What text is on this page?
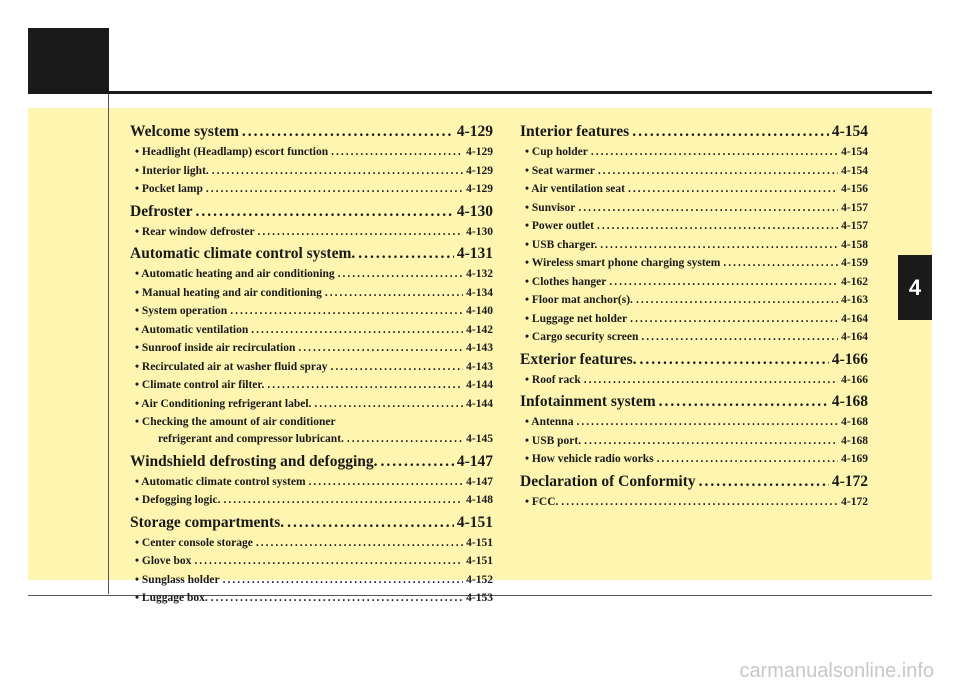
4
Welcome system .....	4-129
• Headlight (Headlamp) escort function .....	4-129
• Interior light. .....	4-129
• Pocket lamp .....	4-129
Defroster .....	4-130
• Rear window defroster .....	4-130
Automatic climate control system. .....	4-131
• Automatic heating and air conditioning .....	4-132
• Manual heating and air conditioning .....	4-134
• System operation .....	4-140
• Automatic ventilation .....	4-142
• Sunroof inside air recirculation .....	4-143
• Recirculated air at washer fluid spray .....	4-143
• Climate control air filter. .....	4-144
• Air Conditioning refrigerant label. .....	4-144
• Checking the amount of air conditioner
refrigerant and compressor lubricant. .....	4-145
Windshield defrosting and defogging. .....	4-147
• Automatic climate control system .....	4-147
• Defogging logic. .....	4-148
Storage compartments. .....	4-151
• Center console storage .....	4-151
• Glove box .....	4-151
• Sunglass holder .....	4-152
• Luggage box. .....	4-153
Interior features .....	4-154
• Cup holder .....	4-154
• Seat warmer .....	4-154
• Air ventilation seat .....	4-156
• Sunvisor .....	4-157
• Power outlet .....	4-157
• USB charger. .....	4-158
• Wireless smart phone charging system .....	4-159
• Clothes hanger .....	4-162
• Floor mat anchor(s). .....	4-163
• Luggage net holder .....	4-164
• Cargo security screen .....	4-164
Exterior features. .....	4-166
• Roof rack .....	4-166
Infotainment system .....	4-168
• Antenna .....	4-168
• USB port. .....	4-168
• How vehicle radio works .....	4-169
Declaration of Conformity .....	4-172
• FCC. .....	4-172
carmanualsonline.info
